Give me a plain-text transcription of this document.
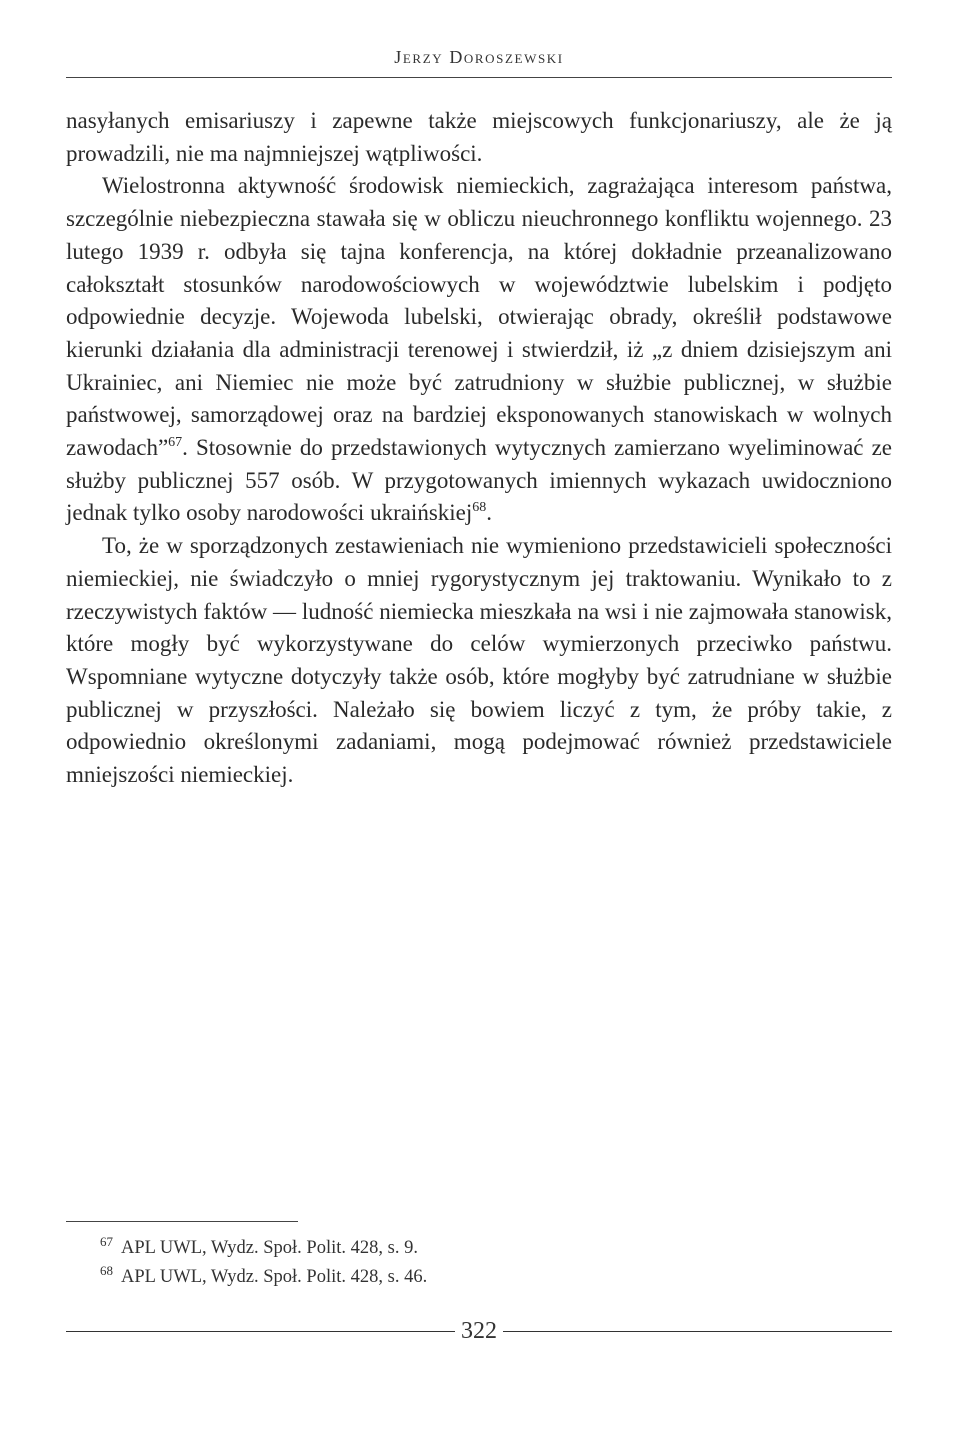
Jerzy Doroszewski

nasyłanych emisariuszy i zapewne także miejscowych funkcjonariuszy, ale że ją prowadzili, nie ma najmniejszej wątpliwości.

Wielostronna aktywność środowisk niemieckich, zagrażająca interesom państwa, szczególnie niebezpieczna stawała się w obliczu nieuchronnego konfliktu wojennego. 23 lutego 1939 r. odbyła się tajna konferencja, na której dokładnie przeanalizowano całokształt stosunków narodowościowych w województwie lubelskim i podjęto odpowiednie decyzje. Wojewoda lubelski, otwierając obrady, określił podstawowe kierunki działania dla administracji terenowej i stwierdził, iż „z dniem dzisiejszym ani Ukrainiec, ani Niemiec nie może być zatrudniony w służbie publicznej, w służbie państwowej, samorządowej oraz na bardziej eksponowanych stanowiskach w wolnych zawodach”$^{67}$. Stosownie do przedstawionych wytycznych zamierzano wyeliminować ze służby publicznej 557 osób. W przygotowanych imiennych wykazach uwidoczniono jednak tylko osoby narodowości ukraińskiej$^{68}$.

To, że w sporządzonych zestawieniach nie wymieniono przedstawicieli społeczności niemieckiej, nie świadczyło o mniej rygorystycznym jej traktowaniu. Wynikało to z rzeczywistych faktów — ludność niemiecka mieszkała na wsi i nie zajmowała stanowisk, które mogły być wykorzystywane do celów wymierzonych przeciwko państwu. Wspomniane wytyczne dotyczyły także osób, które mogłyby być zatrudniane w służbie publicznej w przyszłości. Należało się bowiem liczyć z tym, że próby takie, z odpowiednio określonymi zadaniami, mogą podejmować również przedstawiciele mniejszości niemieckiej.

$^{67}$ APL UWL, Wydz. Społ. Polit. 428, s. 9.
$^{68}$ APL UWL, Wydz. Społ. Polit. 428, s. 46.
322
